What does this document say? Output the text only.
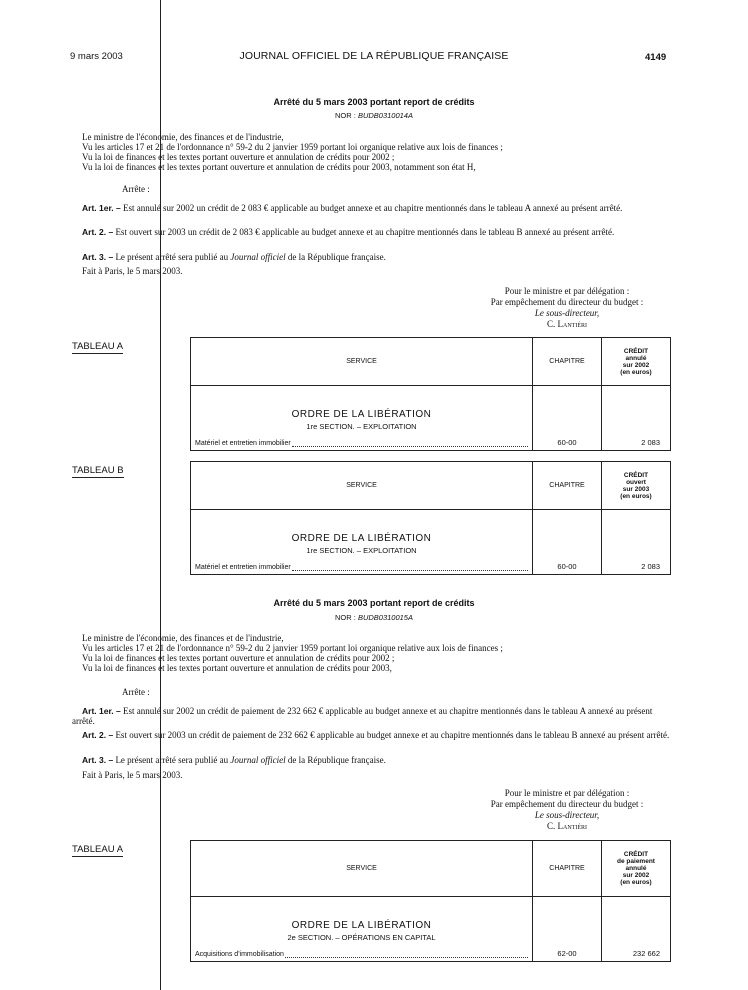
9 mars 2003	JOURNAL OFFICIEL DE LA RÉPUBLIQUE FRANÇAISE	4149
Arrêté du 5 mars 2003 portant report de crédits
NOR : BUDB0310014A
Le ministre de l'économie, des finances et de l'industrie,
Vu les articles 17 et 21 de l'ordonnance n° 59-2 du 2 janvier 1959 portant loi organique relative aux lois de finances ;
Vu la loi de finances et les textes portant ouverture et annulation de crédits pour 2002 ;
Vu la loi de finances et les textes portant ouverture et annulation de crédits pour 2003, notamment son état H,
Arrête :
Art. 1er. – Est annulé sur 2002 un crédit de 2 083 € applicable au budget annexe et au chapitre mentionnés dans le tableau A annexé au présent arrêté.
Art. 2. – Est ouvert sur 2003 un crédit de 2 083 € applicable au budget annexe et au chapitre mentionnés dans le tableau B annexé au présent arrêté.
Art. 3. – Le présent arrêté sera publié au Journal officiel de la République française.
Fait à Paris, le 5 mars 2003.
Pour le ministre et par délégation :
Par empêchement du directeur du budget :
Le sous-directeur,
C. Lantiéri
TABLEAU A
SERVICE	CHAPITRE	CRÉDIT
annulé
sur 2002
(en euros)

ORDRE DE LA LIBÉRATION
1re SECTION. – EXPLOITATION
Matériel et entretien immobilier	60-00	2 083
TABLEAU B
SERVICE	CHAPITRE	CRÉDIT
ouvert
sur 2003
(en euros)

ORDRE DE LA LIBÉRATION
1re SECTION. – EXPLOITATION
Matériel et entretien immobilier	60-00	2 083
Arrêté du 5 mars 2003 portant report de crédits
NOR : BUDB0310015A
Le ministre de l'économie, des finances et de l'industrie,
Vu les articles 17 et 21 de l'ordonnance n° 59-2 du 2 janvier 1959 portant loi organique relative aux lois de finances ;
Vu la loi de finances et les textes portant ouverture et annulation de crédits pour 2002 ;
Vu la loi de finances et les textes portant ouverture et annulation de crédits pour 2003,
Arrête :
Art. 1er. – Est annulé sur 2002 un crédit de paiement de 232 662 € applicable au budget annexe et au chapitre mentionnés dans le tableau A annexé au présent arrêté.
Art. 2. – Est ouvert sur 2003 un crédit de paiement de 232 662 € applicable au budget annexe et au chapitre mentionnés dans le tableau B annexé au présent arrêté.
Art. 3. – Le présent arrêté sera publié au Journal officiel de la République française.
Fait à Paris, le 5 mars 2003.
Pour le ministre et par délégation :
Par empêchement du directeur du budget :
Le sous-directeur,
C. Lantiéri
TABLEAU A
SERVICE	CHAPITRE	CRÉDIT
de paiement
annulé
sur 2002
(en euros)

ORDRE DE LA LIBÉRATION
2e SECTION. – OPÉRATIONS EN CAPITAL
Acquisitions d'immobilisation	62-00	232 662
